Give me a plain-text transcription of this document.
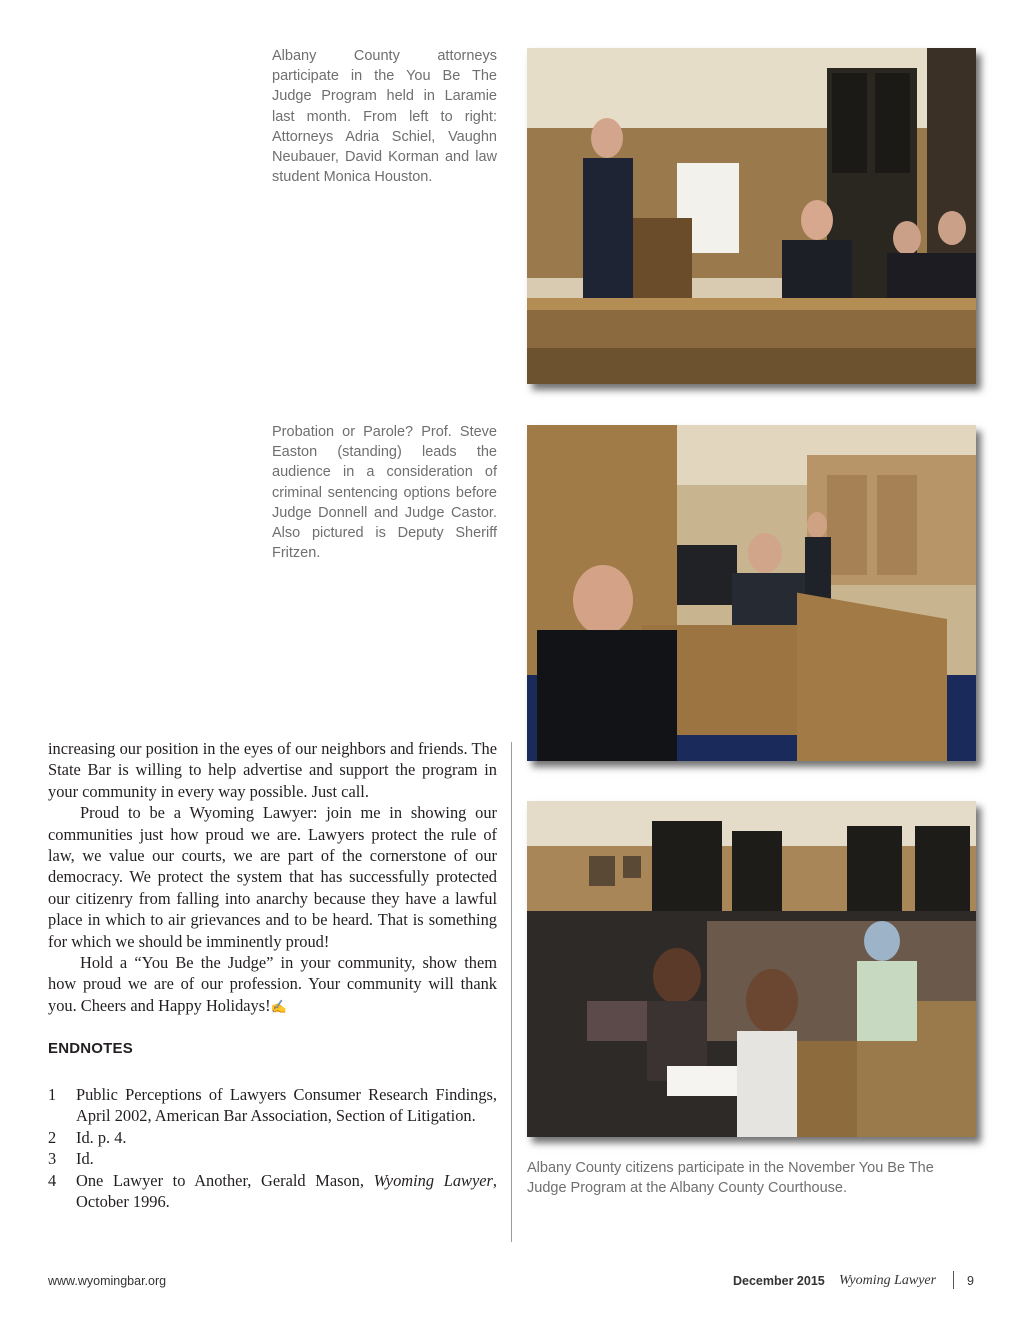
Albany County attorneys participate in the You Be The Judge Program held in Laramie last month. From left to right: Attorneys Adria Schiel, Vaughn Neubauer, David Korman and law student Monica Houston.

Probation or Parole? Prof. Steve Easton (standing) leads the audience in a consideration of criminal sentencing options before Judge Donnell and Judge Castor. Also pictured is Deputy Sheriff Fritzen.

Albany County citizens participate in the November You Be The Judge Program at the Albany County Courthouse.

increasing our position in the eyes of our neighbors and friends. The State Bar is willing to help advertise and support the program in your community in every way possible. Just call.

Proud to be a Wyoming Lawyer: join me in showing our communities just how proud we are. Lawyers protect the rule of law, we value our courts, we are part of the cornerstone of our democracy. We protect the system that has successfully protected our citizenry from falling into anarchy because they have a lawful place in which to air grievances and to be heard. That is something for which we should be imminently proud!

Hold a “You Be the Judge” in your community, show them how proud we are of our profession. Your community will thank you. Cheers and Happy Holidays!✍

ENDNOTES
1	Public Perceptions of Lawyers Consumer Research Findings, April 2002, American Bar Association, Section of Litigation.
2	Id. p. 4.
3	Id.
4	One Lawyer to Another, Gerald Mason, Wyoming Lawyer, October 1996.
www.wyomingbar.org	December 2015 Wyoming Lawyer 9
